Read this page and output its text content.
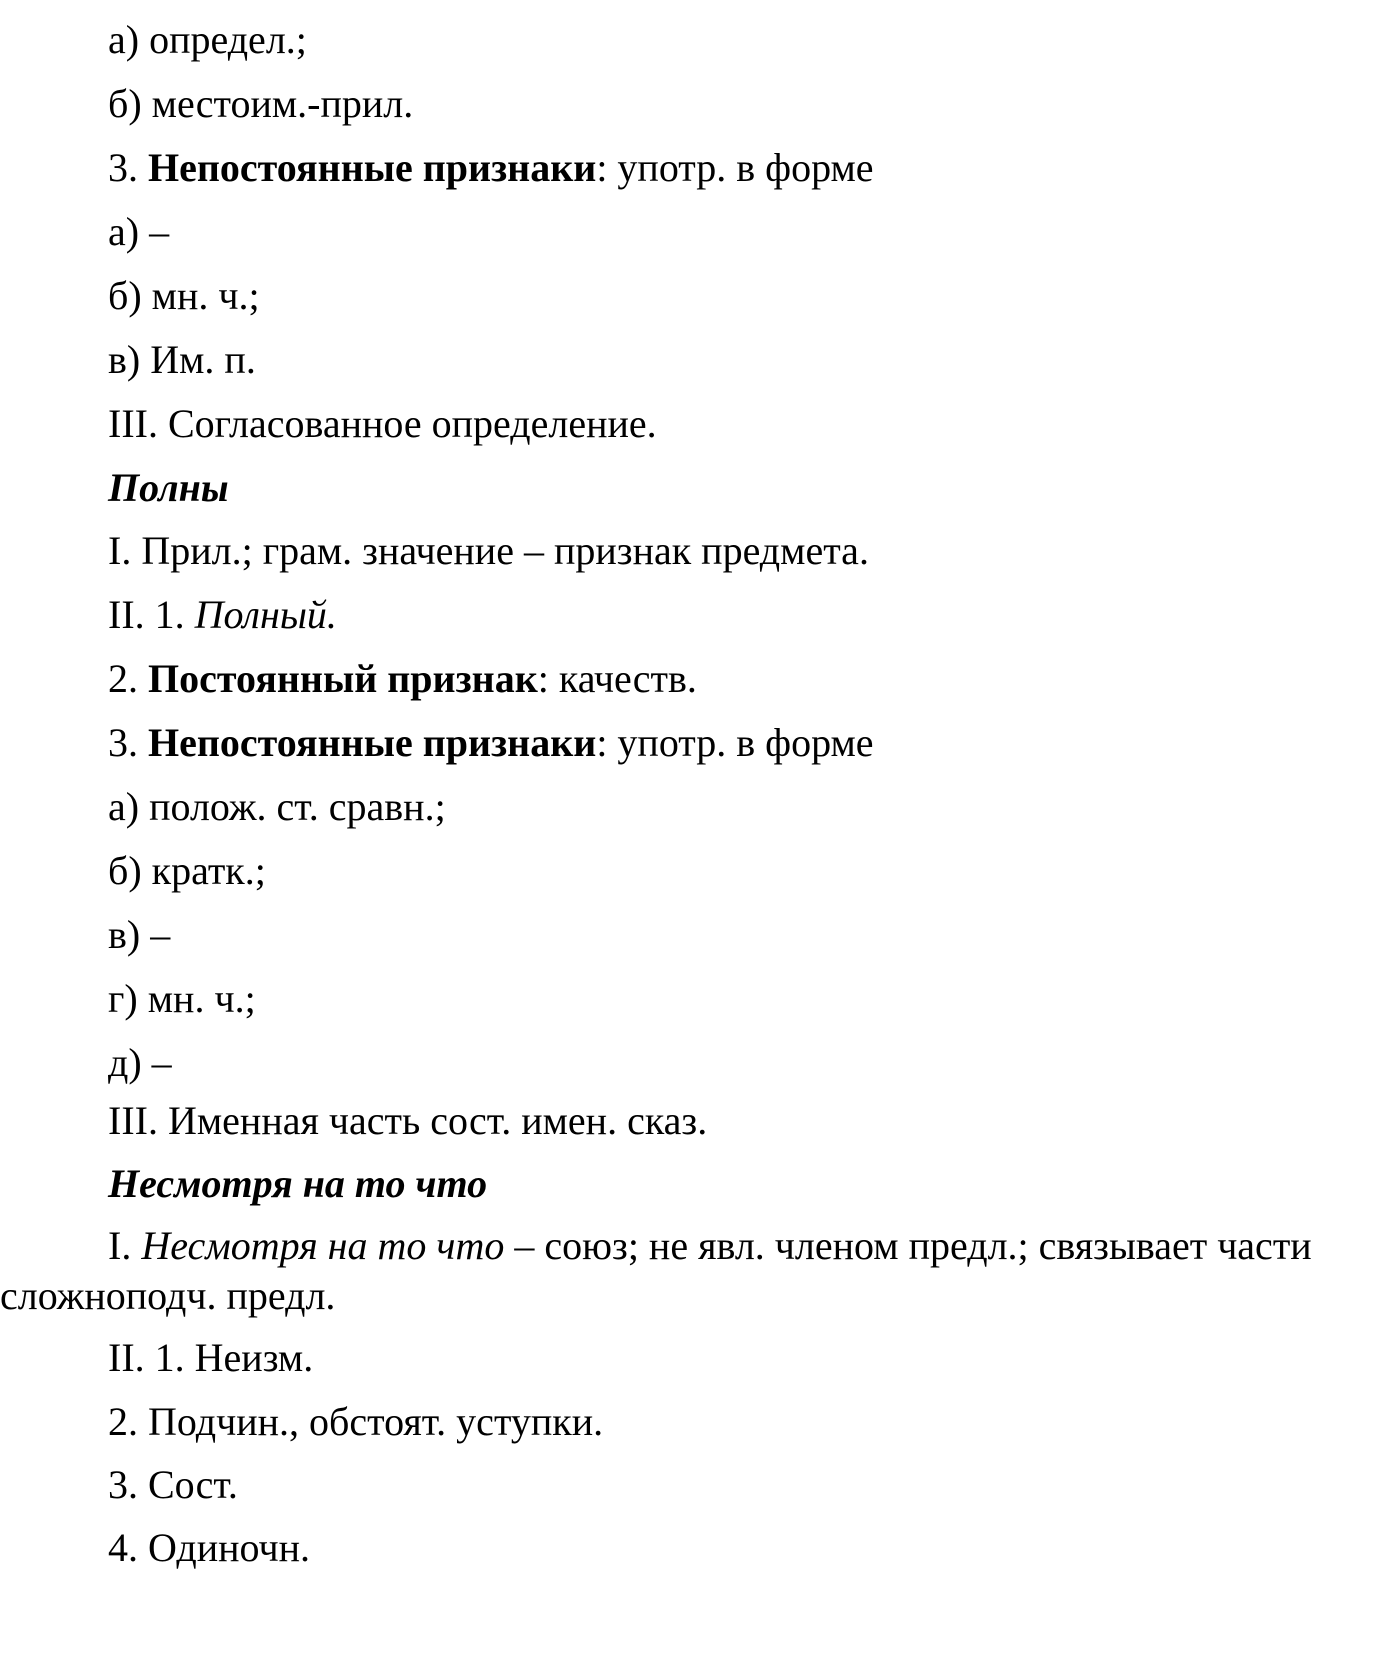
а) определ.;
б) местоим.-прил.
3. Непостоянные признаки: употр. в форме
а) –
б) мн. ч.;
в) Им. п.
III. Согласованное определение.
Полны
I. Прил.; грам. значение – признак предмета.
II. 1. Полный.
2. Постоянный признак: качеств.
3. Непостоянные признаки: употр. в форме
а) полож. ст. сравн.;
б) кратк.;
в) –
г) мн. ч.;
д) –
III. Именная часть сост. имен. сказ.
Несмотря на то что
I. Несмотря на то что – союз; не явл. членом предл.; связывает части
сложноподч. предл.
II. 1. Неизм.
2. Подчин., обстоят. уступки.
3. Сост.
4. Одиночн.
